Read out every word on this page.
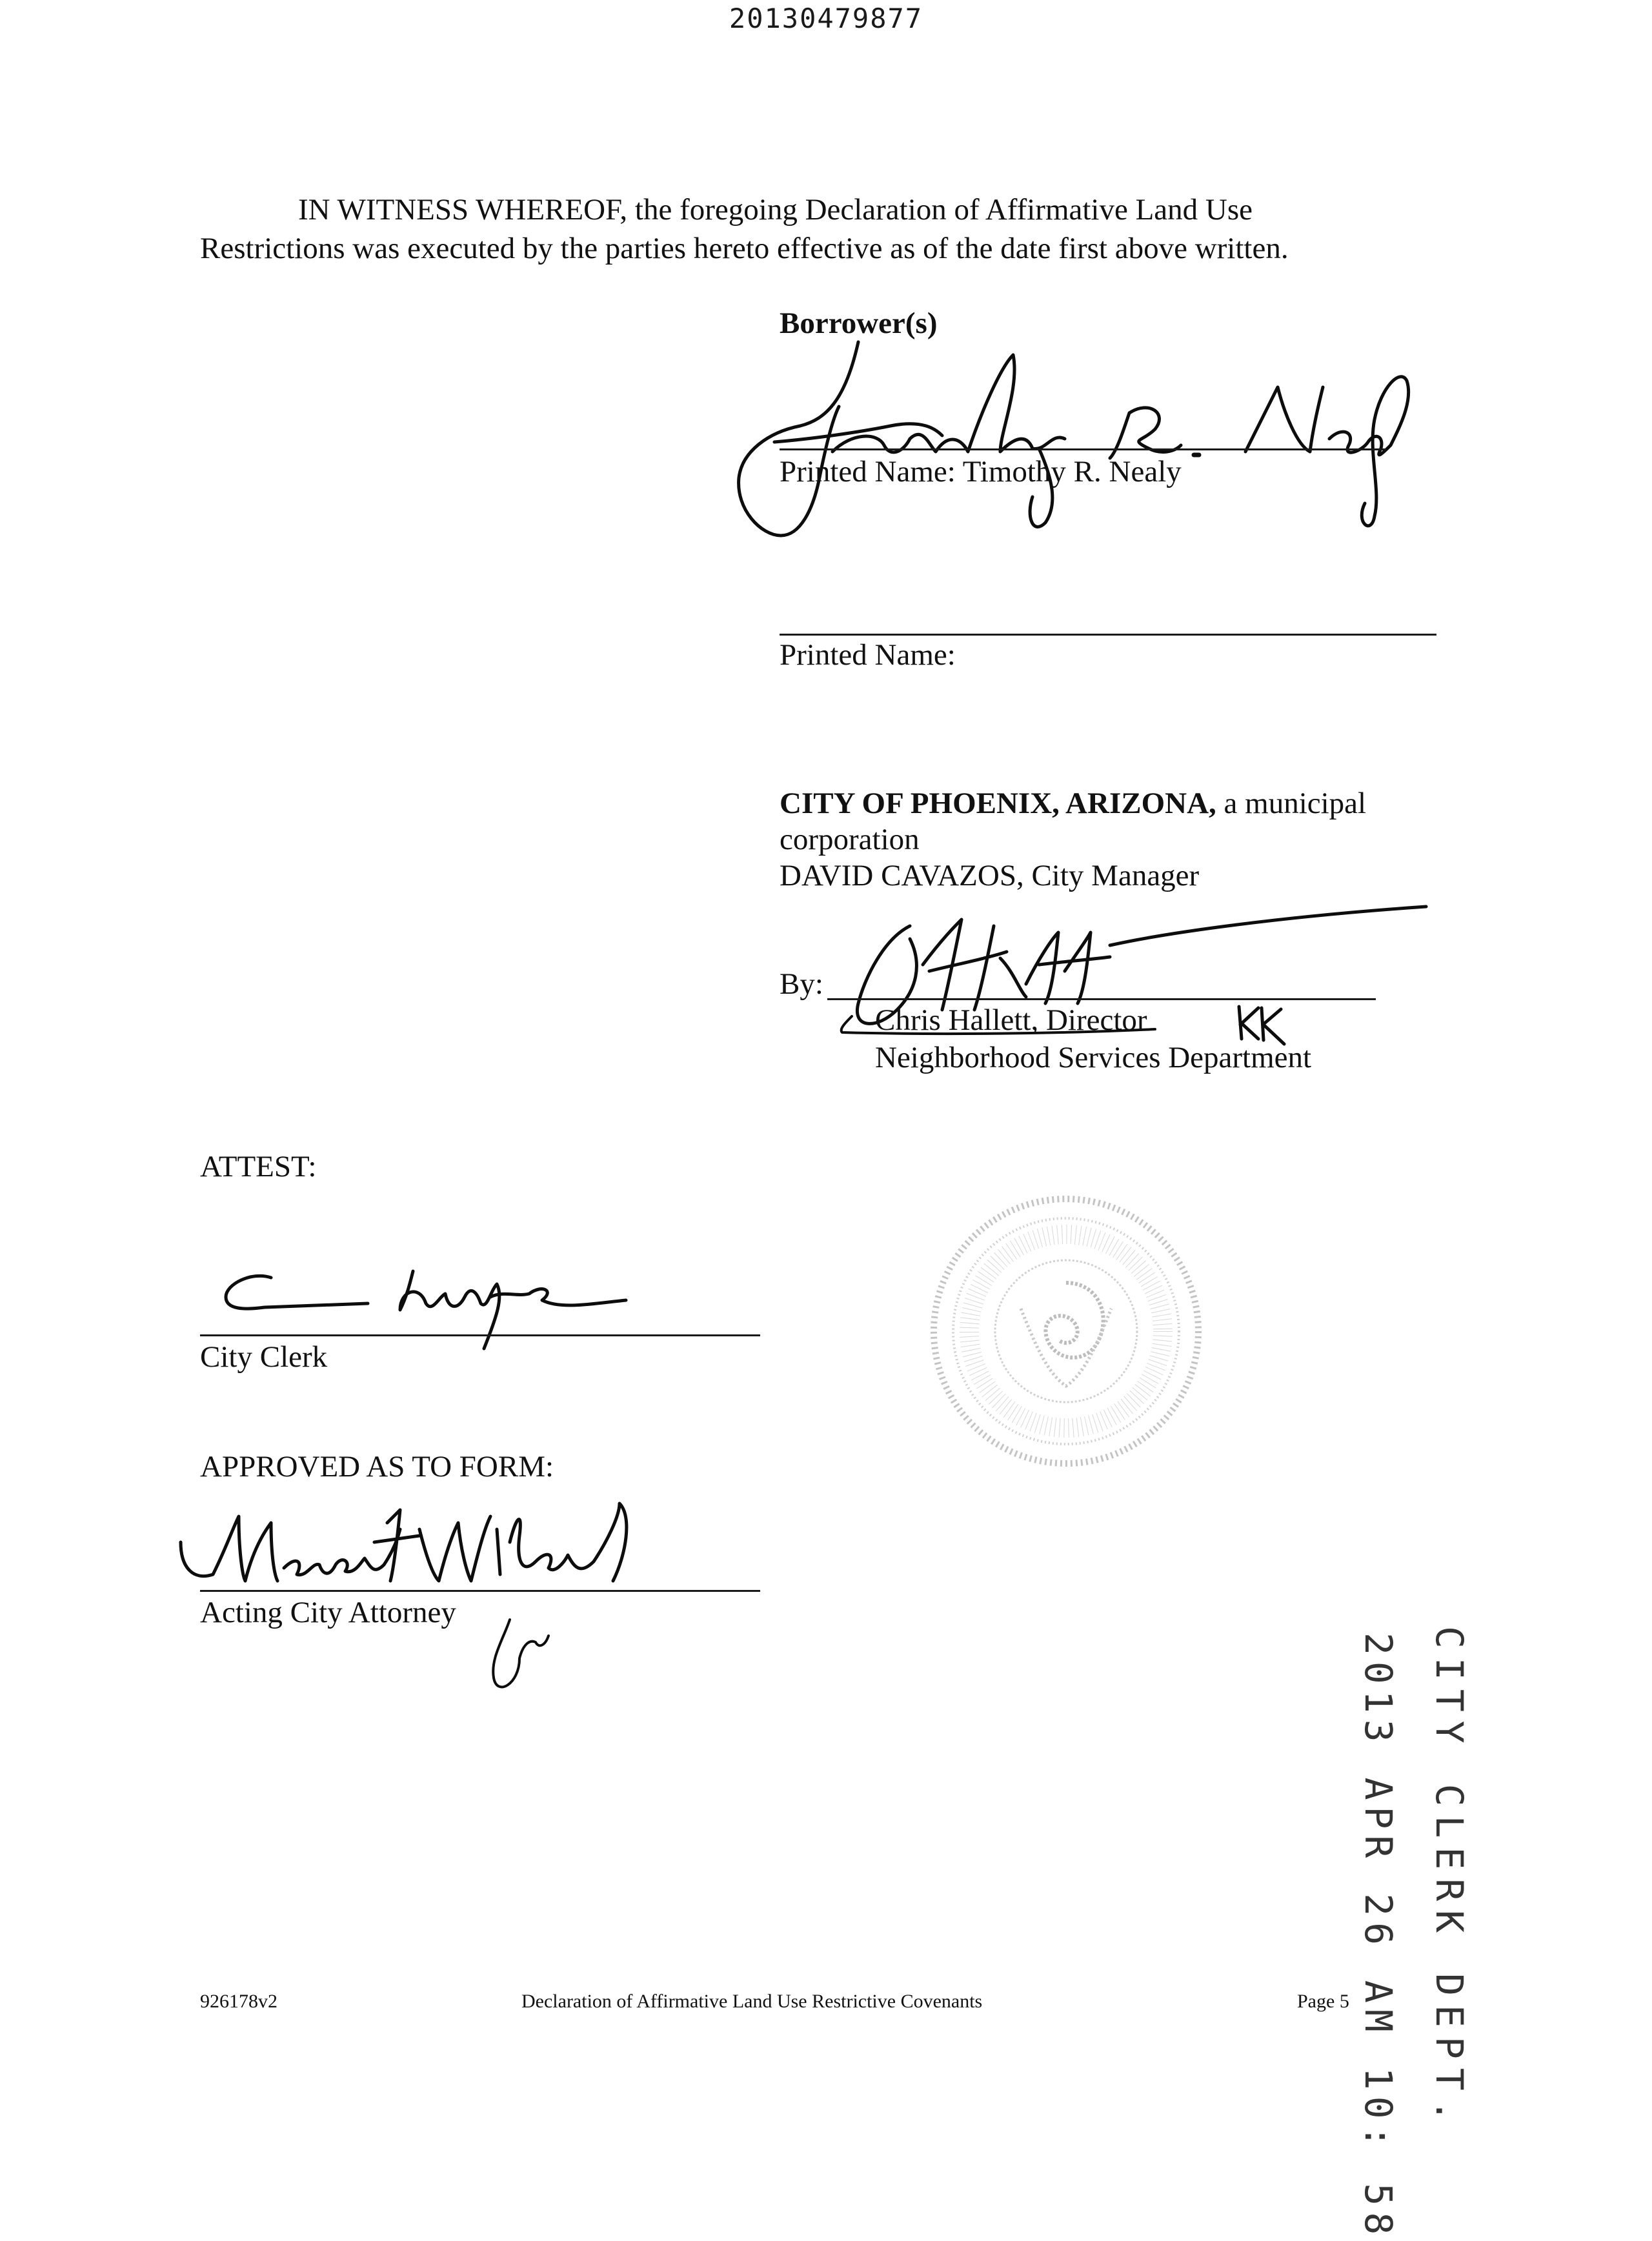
20130479877
IN WITNESS WHEREOF, the foregoing Declaration of Affirmative Land Use
Restrictions was executed by the parties hereto effective as of the date first above written.
Borrower(s)
Printed Name: Timothy R. Nealy
Printed Name:
CITY OF PHOENIX, ARIZONA, a municipal
corporation
DAVID CAVAZOS, City Manager
By:
Chris Hallett, Director
Neighborhood Services Department
ATTEST:
City Clerk
APPROVED AS TO FORM:
Acting City Attorney
CITY CLERK DEPT.
2013 APR 26 AM 10: 58
926178v2	Declaration of Affirmative Land Use Restrictive Covenants	Page 5
